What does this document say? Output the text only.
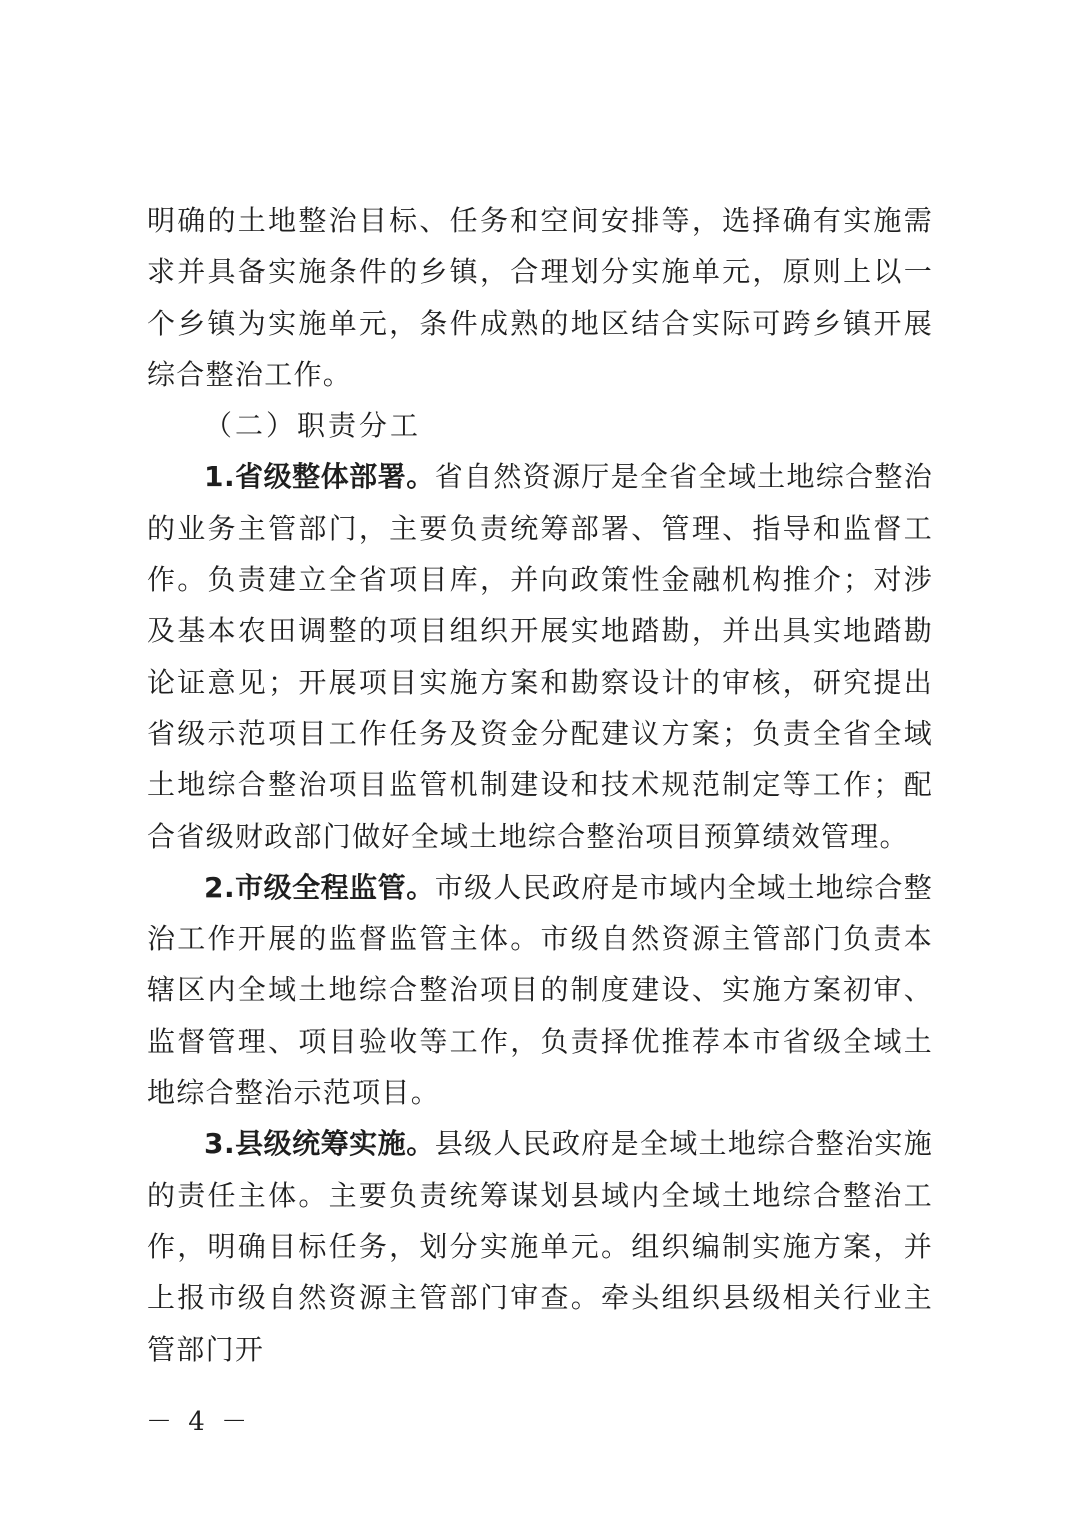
明确的土地整治目标、任务和空间安排等，选择确有实施需求并具备实施条件的乡镇，合理划分实施单元，原则上以一个乡镇为实施单元，条件成熟的地区结合实际可跨乡镇开展综合整治工作。

（二）职责分工

1.省级整体部署。省自然资源厅是全省全域土地综合整治的业务主管部门，主要负责统筹部署、管理、指导和监督工作。负责建立全省项目库，并向政策性金融机构推介；对涉及基本农田调整的项目组织开展实地踏勘，并出具实地踏勘论证意见；开展项目实施方案和勘察设计的审核，研究提出省级示范项目工作任务及资金分配建议方案；负责全省全域土地综合整治项目监管机制建设和技术规范制定等工作；配合省级财政部门做好全域土地综合整治项目预算绩效管理。

2.市级全程监管。市级人民政府是市域内全域土地综合整治工作开展的监督监管主体。市级自然资源主管部门负责本辖区内全域土地综合整治项目的制度建设、实施方案初审、监督管理、项目验收等工作，负责择优推荐本市省级全域土地综合整治示范项目。

3.县级统筹实施。县级人民政府是全域土地综合整治实施的责任主体。主要负责统筹谋划县域内全域土地综合整治工作，明确目标任务，划分实施单元。组织编制实施方案，并上报市级自然资源主管部门审查。牵头组织县级相关行业主管部门开

－ 4 －
